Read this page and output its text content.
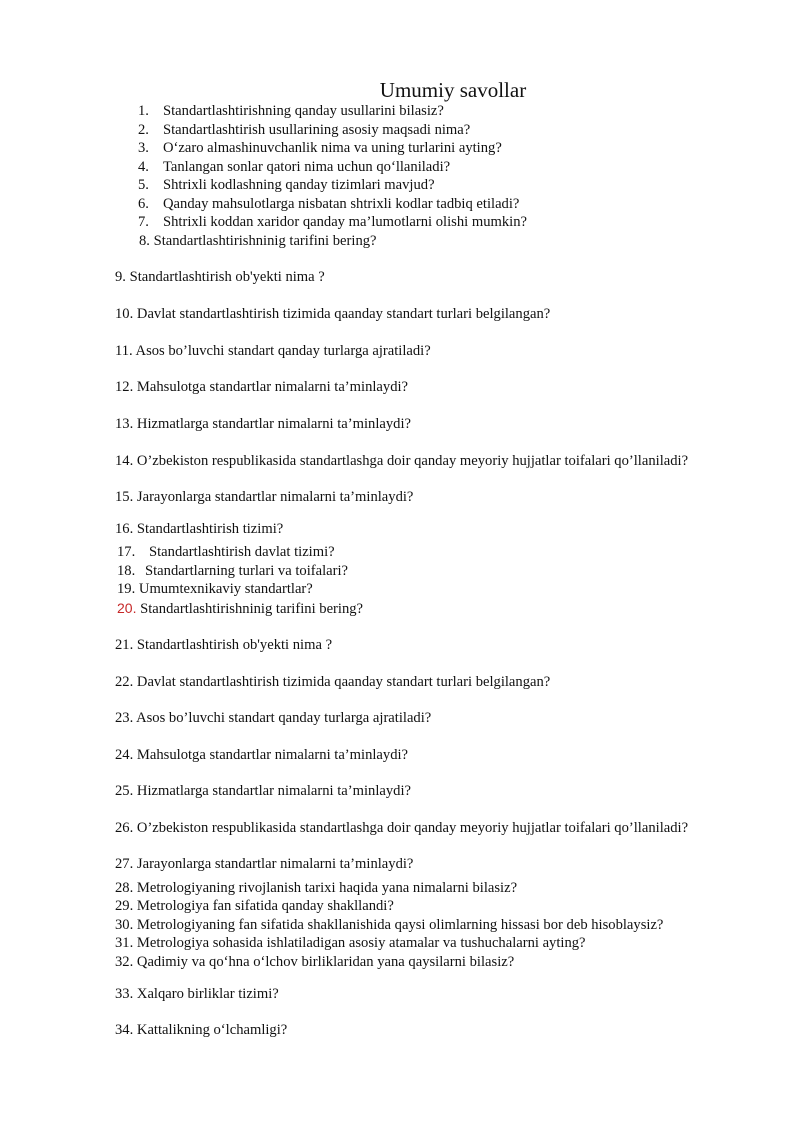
Umumiy savollar
1. Standartlashtirishning qanday usullarini bilasiz?
2. Standartlashtirish usullarining asosiy maqsadi nima?
3. O‘zaro almashinuvchanlik nima va uning turlarini ayting?
4. Tanlangan sonlar qatori nima uchun qo‘llaniladi?
5. Shtrixli kodlashning qanday tizimlari mavjud?
6. Qanday mahsulotlarga nisbatan shtrixli kodlar tadbiq etiladi?
7. Shtrixli koddan xaridor qanday ma’lumotlarni olishi mumkin?
8. Standartlashtirishninig tarifini bering?
9. Standartlashtirish ob'yekti nima ?
10. Davlat standartlashtirish tizimida qaanday standart turlari belgilangan?
11. Asos bo’luvchi standart qanday turlarga ajratiladi?
12. Mahsulotga standartlar nimalarni ta’minlaydi?
13. Hizmatlarga standartlar nimalarni ta’minlaydi?
14. O’zbekiston respublikasida standartlashga doir qanday meyoriy hujjatlar toifalari qo’llaniladi?
15. Jarayonlarga standartlar nimalarni ta’minlaydi?
16. Standartlashtirish tizimi?
17. Standartlashtirish davlat tizimi?
18. Standartlarning turlari va toifalari?
19. Umumtexnikaviy standartlar?
20. Standartlashtirishninig tarifini bering?
21. Standartlashtirish ob'yekti nima ?
22. Davlat standartlashtirish tizimida qaanday standart turlari belgilangan?
23. Asos bo’luvchi standart qanday turlarga ajratiladi?
24. Mahsulotga standartlar nimalarni ta’minlaydi?
25. Hizmatlarga standartlar nimalarni ta’minlaydi?
26. O’zbekiston respublikasida standartlashga doir qanday meyoriy hujjatlar toifalari qo’llaniladi?
27. Jarayonlarga standartlar nimalarni ta’minlaydi?
28. Metrologiyaning rivojlanish tarixi haqida yana nimalarni bilasiz?
29. Metrologiya fan sifatida qanday shakllandi?
30. Metrologiyaning fan sifatida shakllanishida qaysi olimlarning hissasi bor deb hisoblaysiz?
31. Metrologiya sohasida ishlatiladigan asosiy atamalar va tushuchalarni ayting?
32. Qadimiy va qo‘hna o‘lchov birliklaridan yana qaysilarni bilasiz?
33. Xalqaro birliklar tizimi?
34. Kattalikning o‘lchamligi?
